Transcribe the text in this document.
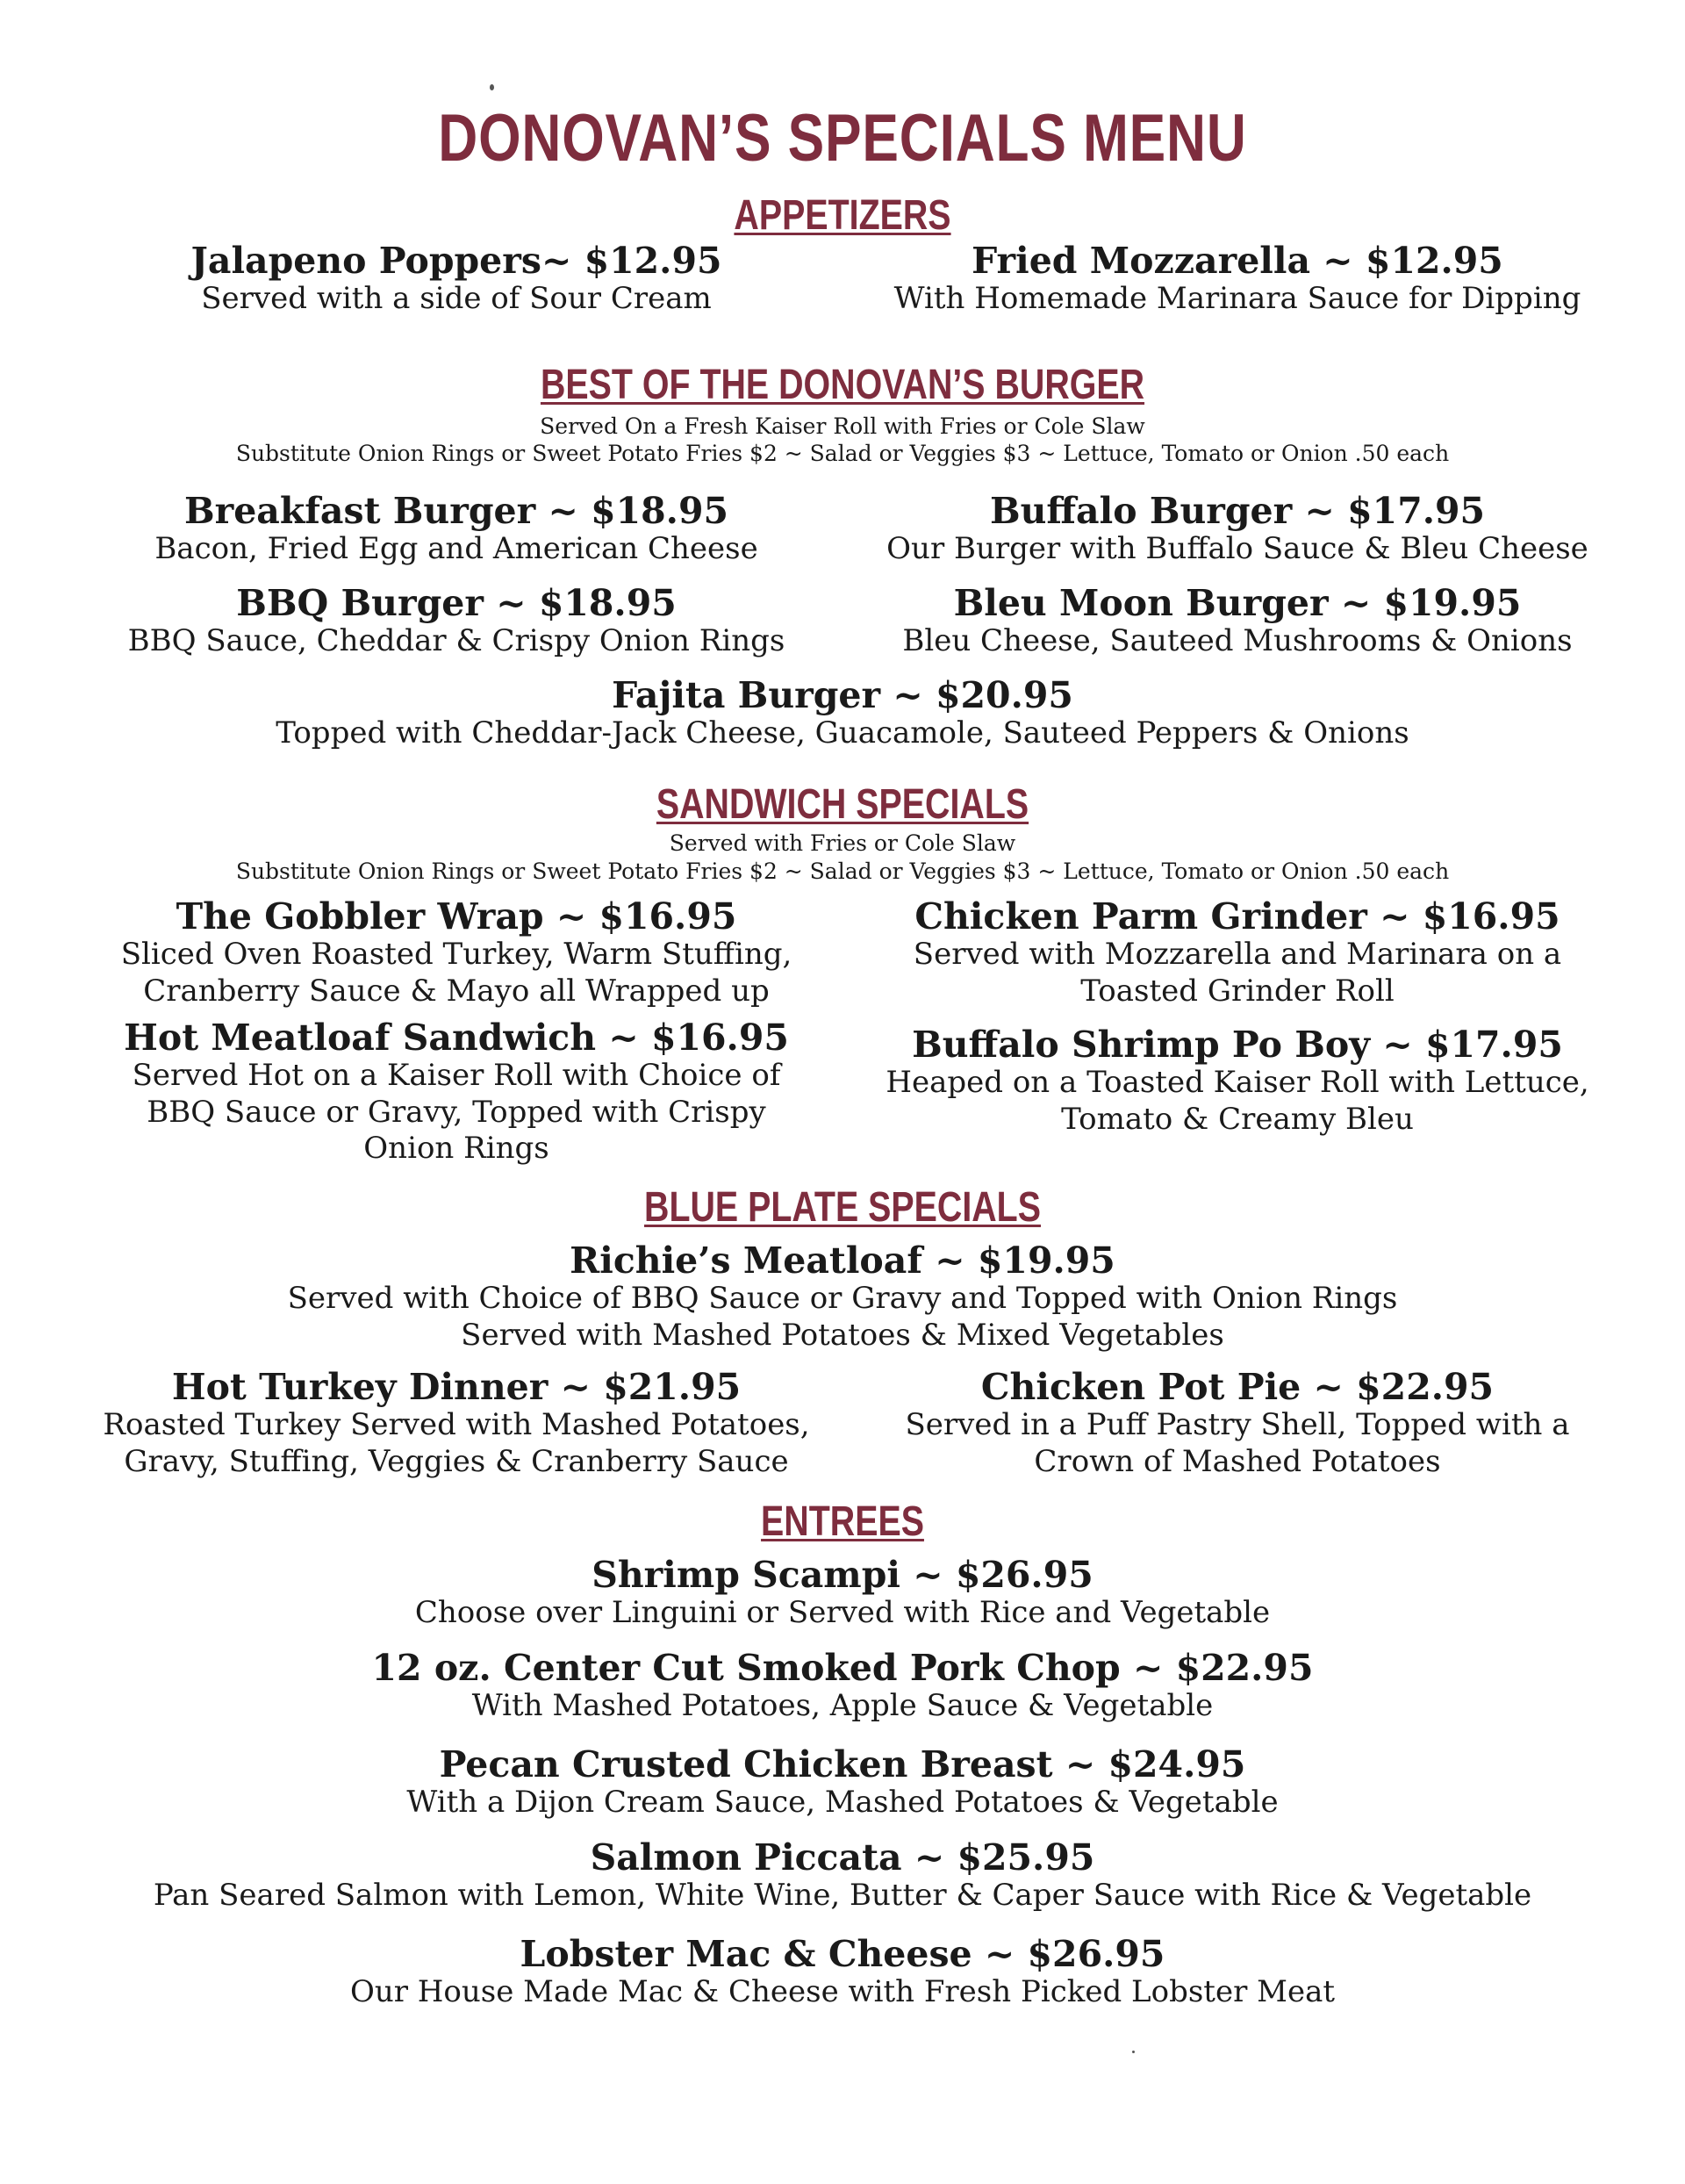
DONOVAN’S SPECIALS MENU
APPETIZERS
Jalapeno Poppers~ $12.95
Served with a side of Sour Cream
Fried Mozzarella ~ $12.95
With Homemade Marinara Sauce for Dipping
BEST OF THE DONOVAN’S BURGER
Served On a Fresh Kaiser Roll with Fries or Cole Slaw
Substitute Onion Rings or Sweet Potato Fries $2 ~ Salad or Veggies $3 ~ Lettuce, Tomato or Onion .50 each
Breakfast Burger ~ $18.95
Bacon, Fried Egg and American Cheese
Buffalo Burger ~ $17.95
Our Burger with Buffalo Sauce & Bleu Cheese
BBQ Burger ~ $18.95
BBQ Sauce, Cheddar & Crispy Onion Rings
Bleu Moon Burger ~ $19.95
Bleu Cheese, Sauteed Mushrooms & Onions
Fajita Burger ~ $20.95
Topped with Cheddar-Jack Cheese, Guacamole, Sauteed Peppers & Onions
SANDWICH SPECIALS
Served with Fries or Cole Slaw
Substitute Onion Rings or Sweet Potato Fries $2 ~ Salad or Veggies $3 ~ Lettuce, Tomato or Onion .50 each
The Gobbler Wrap ~ $16.95
Sliced Oven Roasted Turkey, Warm Stuffing,
Cranberry Sauce & Mayo all Wrapped up
Chicken Parm Grinder ~ $16.95
Served with Mozzarella and Marinara on a
Toasted Grinder Roll
Hot Meatloaf Sandwich ~ $16.95
Served Hot on a Kaiser Roll with Choice of
BBQ Sauce or Gravy, Topped with Crispy
Onion Rings
Buffalo Shrimp Po Boy ~ $17.95
Heaped on a Toasted Kaiser Roll with Lettuce,
Tomato & Creamy Bleu
BLUE PLATE SPECIALS
Richie’s Meatloaf ~ $19.95
Served with Choice of BBQ Sauce or Gravy and Topped with Onion Rings
Served with Mashed Potatoes & Mixed Vegetables
Hot Turkey Dinner ~ $21.95
Roasted Turkey Served with Mashed Potatoes,
Gravy, Stuffing, Veggies & Cranberry Sauce
Chicken Pot Pie ~ $22.95
Served in a Puff Pastry Shell, Topped with a
Crown of Mashed Potatoes
ENTREES
Shrimp Scampi ~ $26.95
Choose over Linguini or Served with Rice and Vegetable
12 oz. Center Cut Smoked Pork Chop ~ $22.95
With Mashed Potatoes, Apple Sauce & Vegetable
Pecan Crusted Chicken Breast ~ $24.95
With a Dijon Cream Sauce, Mashed Potatoes & Vegetable
Salmon Piccata ~ $25.95
Pan Seared Salmon with Lemon, White Wine, Butter & Caper Sauce with Rice & Vegetable
Lobster Mac & Cheese ~ $26.95
Our House Made Mac & Cheese with Fresh Picked Lobster Meat
